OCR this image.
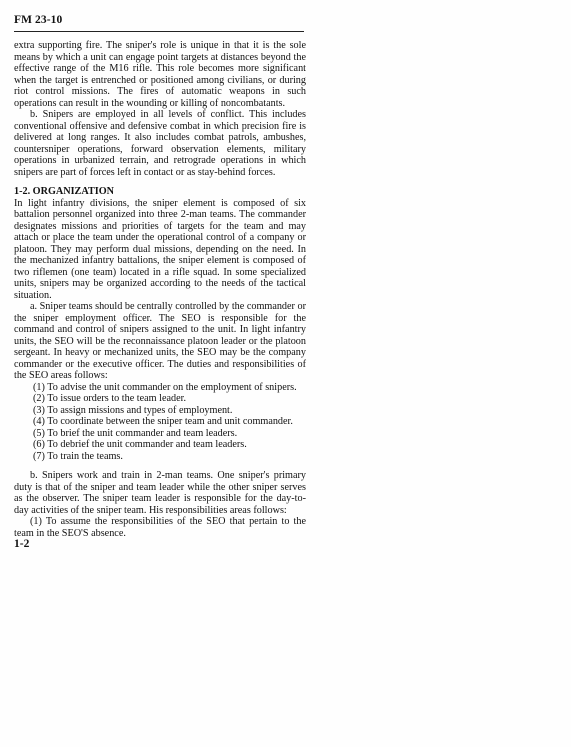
FM 23-10

extra supporting fire. The sniper's role is unique in that it is the sole means by which a unit can engage point targets at distances beyond the effective range of the M16 rifle. This role becomes more significant when the target is entrenched or positioned among civilians, or during riot control missions. The fires of automatic weapons in such operations can result in the wounding or killing of noncombatants.

b. Snipers are employed in all levels of conflict. This includes conventional offensive and defensive combat in which precision fire is delivered at long ranges. It also includes combat patrols, ambushes, countersniper operations, forward observation elements, military operations in urbanized terrain, and retrograde operations in which snipers are part of forces left in contact or as stay-behind forces.

1-2. ORGANIZATION

In light infantry divisions, the sniper element is composed of six battalion personnel organized into three 2-man teams. The commander designates missions and priorities of targets for the team and may attach or place the team under the operational control of a company or platoon. They may perform dual missions, depending on the need. In the mechanized infantry battalions, the sniper element is composed of two riflemen (one team) located in a rifle squad. In some specialized units, snipers may be organized according to the needs of the tactical situation.

a. Sniper teams should be centrally controlled by the commander or the sniper employment officer. The SEO is responsible for the command and control of snipers assigned to the unit. In light infantry units, the SEO will be the reconnaissance platoon leader or the platoon sergeant. In heavy or mechanized units, the SEO may be the company commander or the executive officer. The duties and responsibilities of the SEO areas follows:

(1) To advise the unit commander on the employment of snipers.
(2) To issue orders to the team leader.
(3) To assign missions and types of employment.
(4) To coordinate between the sniper team and unit commander.
(5) To brief the unit commander and team leaders.
(6) To debrief the unit commander and team leaders.
(7) To train the teams.

b. Snipers work and train in 2-man teams. One sniper's primary duty is that of the sniper and team leader while the other sniper serves as the observer. The sniper team leader is responsible for the day-to-day activities of the sniper team. His responsibilities areas follows:

(1) To assume the responsibilities of the SEO that pertain to the team in the SEO'S absence.

1-2
